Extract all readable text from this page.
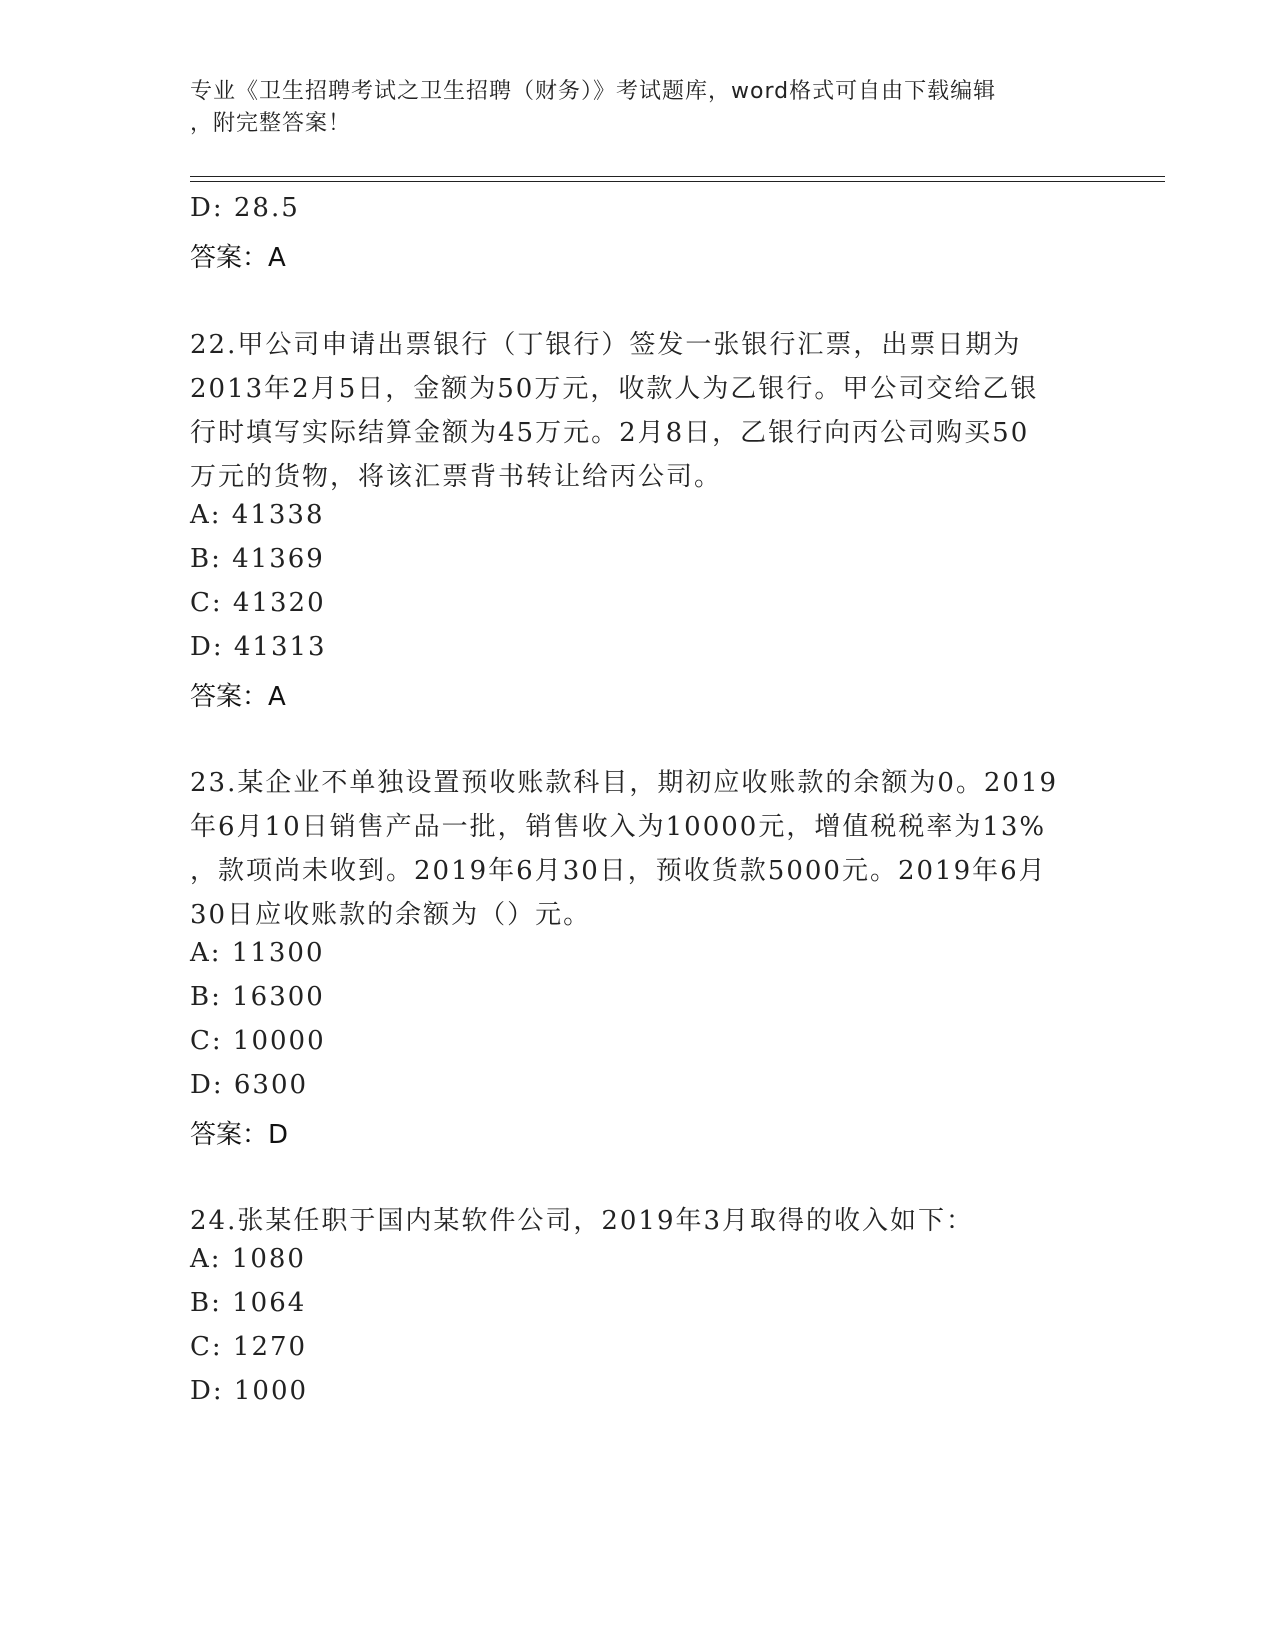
专业《卫生招聘考试之卫生招聘（财务）》考试题库，word格式可自由下载编辑
，附完整答案！
D: 28.5
答案：A
22.甲公司申请出票银行（丁银行）签发一张银行汇票，出票日期为
2013年2月5日，金额为50万元，收款人为乙银行。甲公司交给乙银
行时填写实际结算金额为45万元。2月8日，乙银行向丙公司购买50
万元的货物，将该汇票背书转让给丙公司。
A: 41338
B: 41369
C: 41320
D: 41313
答案：A
23.某企业不单独设置预收账款科目，期初应收账款的余额为0。2019
年6月10日销售产品一批，销售收入为10000元，增值税税率为13%
，款项尚未收到。2019年6月30日，预收货款5000元。2019年6月
30日应收账款的余额为（）元。
A: 11300
B: 16300
C: 10000
D: 6300
答案：D
24.张某任职于国内某软件公司，2019年3月取得的收入如下：
A: 1080
B: 1064
C: 1270
D: 1000
